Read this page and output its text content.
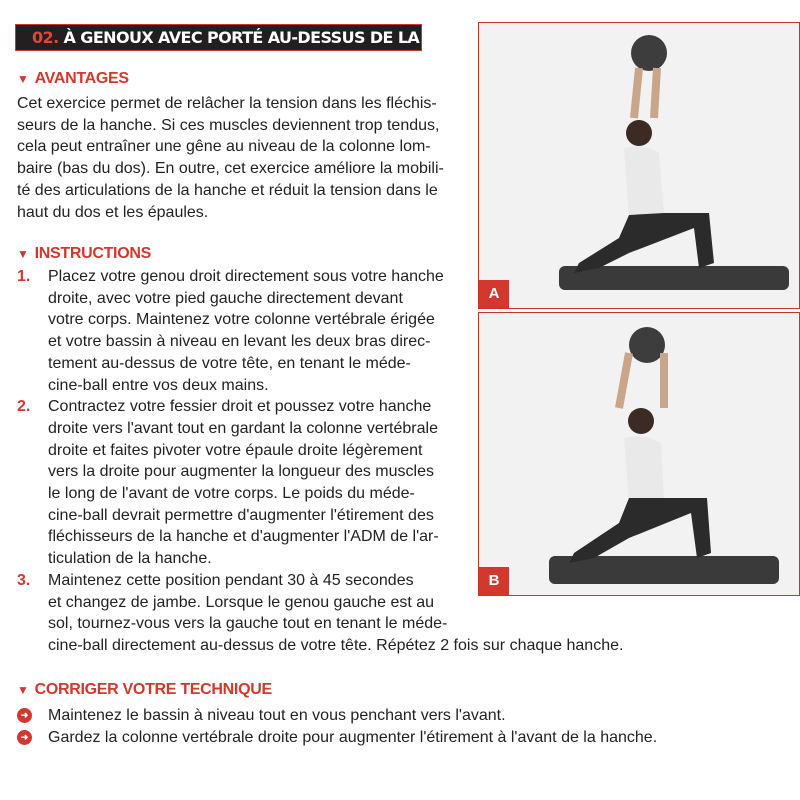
02. À GENOUX AVEC PORTÉ AU-DESSUS DE LA TÊTE
▼ AVANTAGES
Cet exercice permet de relâcher la tension dans les fléchis-
seurs de la hanche. Si ces muscles deviennent trop tendus,
cela peut entraîner une gêne au niveau de la colonne lom-
baire (bas du dos). En outre, cet exercice améliore la mobili-
té des articulations de la hanche et réduit la tension dans le
haut du dos et les épaules.
▼ INSTRUCTIONS
1. Placez votre genou droit directement sous votre hanche
droite, avec votre pied gauche directement devant
votre corps. Maintenez votre colonne vertébrale érigée
et votre bassin à niveau en levant les deux bras direc-
tement au-dessus de votre tête, en tenant le méde-
cine-ball entre vos deux mains.
2. Contractez votre fessier droit et poussez votre hanche
droite vers l'avant tout en gardant la colonne vertébrale
droite et faites pivoter votre épaule droite légèrement
vers la droite pour augmenter la longueur des muscles
le long de l'avant de votre corps. Le poids du méde-
cine-ball devrait permettre d'augmenter l'étirement des
fléchisseurs de la hanche et d'augmenter l'ADM de l'ar-
ticulation de la hanche.
3. Maintenez cette position pendant 30 à 45 secondes
et changez de jambe. Lorsque le genou gauche est au
sol, tournez-vous vers la gauche tout en tenant le méde-
cine-ball directement au-dessus de votre tête. Répétez 2 fois sur chaque hanche.
▼ CORRIGER VOTRE TECHNIQUE
➜ Maintenez le bassin à niveau tout en vous penchant vers l'avant.
➜ Gardez la colonne vertébrale droite pour augmenter l'étirement à l'avant de la hanche.
A
B
